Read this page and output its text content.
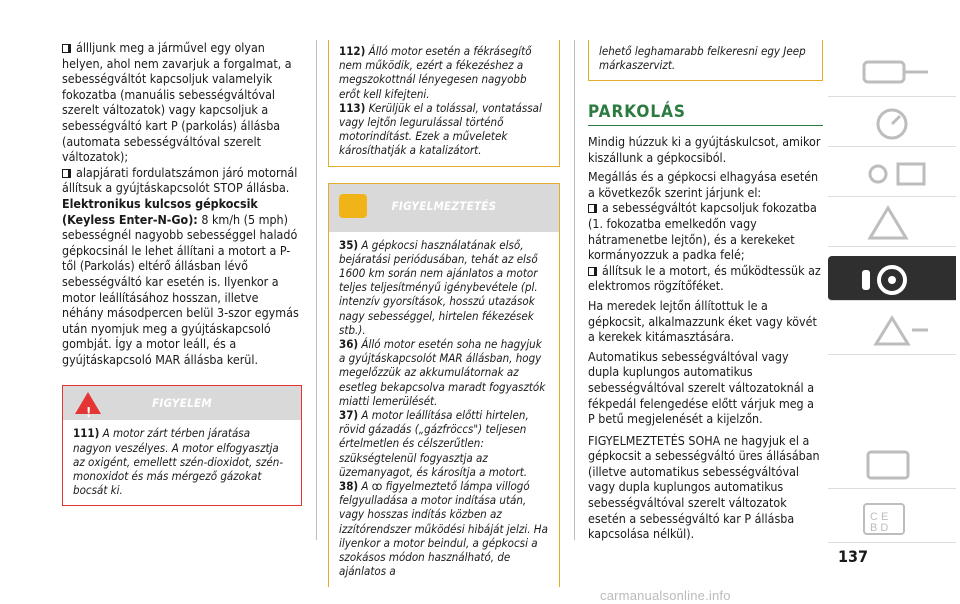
állljunk meg a járművel egy olyan helyen, ahol nem zavarjuk a forgalmat, a sebességváltót kapcsoljuk valamelyik fokozatba (manuális sebességváltóval szerelt változatok) vagy kapcsoljuk a sebességváltó kart P (parkolás) állásba (automata sebességváltóval szerelt változatok);

alapjárati fordulatszámon járó motornál állítsuk a gyújtáskapcsolót STOP állásba.

Elektronikus kulcsos gépkocsik (Keyless Enter-N-Go): 8 km/h (5 mph) sebességnél nagyobb sebességgel haladó gépkocsinál le lehet állítani a motort a P-től (Parkolás) eltérő állásban lévő sebességváltó kar esetén is. Ilyenkor a motor leállításához hosszan, illetve néhány másodpercen belül 3-szor egymás után nyomjuk meg a gyújtáskapcsoló gombját. Így a motor leáll, és a gyújtáskapcsoló MAR állásba kerül.

!
FIGYELEM
111) A motor zárt térben járatása nagyon veszélyes. A motor elfogyasztja az oxigént, emellett szén-dioxidot, szén-monoxidot és más mérgező gázokat bocsát ki.

112) Álló motor esetén a fékrásegítő nem működik, ezért a fékezéshez a megszokottnál lényegesen nagyobb erőt kell kifejteni.

113) Kerüljük el a tolással, vontatással vagy lejtőn legurulással történő motorindítást. Ezek a műveletek károsíthatják a katalizátort.

FIGYELMEZTETÉS

35) A gépkocsi használatának első, bejáratási periódusában, tehát az első 1600 km során nem ajánlatos a motor teljes teljesítményű igénybevétele (pl. intenzív gyorsítások, hosszú utazások nagy sebességgel, hirtelen fékezések stb.).

36) Álló motor esetén soha ne hagyjuk a gyújtáskapcsolót MAR állásban, hogy megelőzzük az akkumulátornak az esetleg bekapcsolva maradt fogyasztók miatti lemerülését.

37) A motor leállítása előtti hirtelen, rövid gázadás („gázfröccs") teljesen értelmetlen és célszerűtlen: szükségtelenül fogyasztja az üzemanyagot, és károsítja a motort.

38) A ꝏ figyelmeztető lámpa villogó felgyulladása a motor indítása után, vagy hosszas indítás közben az izzítórendszer működési hibáját jelzi. Ha ilyenkor a motor beindul, a gépkocsi a szokásos módon használható, de ajánlatos a

lehető leghamarabb felkeresni egy Jeep márkaszervizt.
PARKOLÁS

Mindig húzzuk ki a gyújtáskulcsot, amikor kiszállunk a gépkocsiból.

Megállás és a gépkocsi elhagyása esetén a következők szerint járjunk el:

a sebességváltót kapcsoljuk fokozatba (1. fokozatba emelkedőn vagy hátramenetbe lejtőn), és a kerekeket kormányozzuk a padka felé;

állítsuk le a motort, és működtessük az elektromos rögzítőféket.

Ha meredek lejtőn állítottuk le a gépkocsit, alkalmazzunk éket vagy kövét a kerekek kitámasztására.

Automatikus sebességváltóval vagy dupla kuplungos automatikus sebességváltóval szerelt változatoknál a fékpedál felengedése előtt várjuk meg a P betű megjelenését a kijelzőn.

FIGYELMEZTETÉS SOHA ne hagyjuk el a gépkocsit a sebességváltó üres állásában (illetve automatikus sebességváltóval vagy dupla kuplungos automatikus sebességváltóval szerelt változatok esetén a sebességváltó kar P állásba kapcsolása nélkül).

C E
B D
137
carmanualsonline.info
